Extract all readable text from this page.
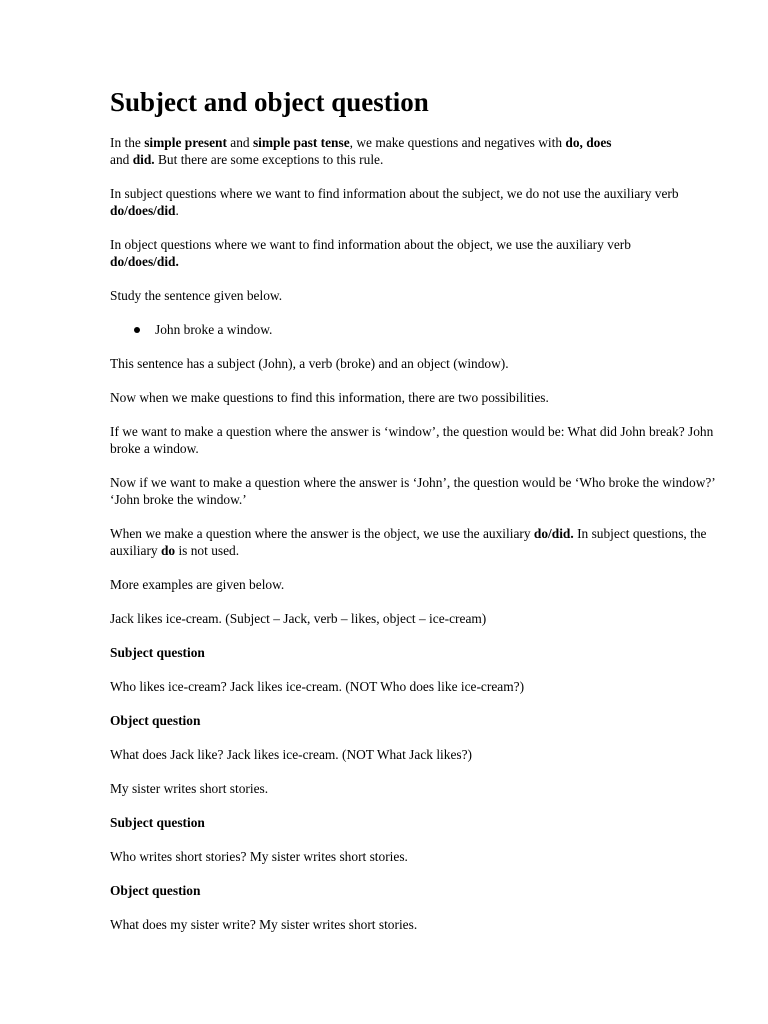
Subject and object question

In the simple present and simple past tense, we make questions and negatives with do, does
and did. But there are some exceptions to this rule.

In subject questions where we want to find information about the subject, we do not use the auxiliary verb do/does/did.

In object questions where we want to find information about the object, we use the auxiliary verb
do/does/did.

Study the sentence given below.

John broke a window.

This sentence has a subject (John), a verb (broke) and an object (window).

Now when we make questions to find this information, there are two possibilities.

If we want to make a question where the answer is ‘window’, the question would be: What did John break? John broke a window.

Now if we want to make a question where the answer is ‘John’, the question would be ‘Who broke the window?’ ‘John broke the window.’

When we make a question where the answer is the object, we use the auxiliary do/did. In subject questions, the auxiliary do is not used.

More examples are given below.

Jack likes ice-cream. (Subject – Jack, verb – likes, object – ice-cream)

Subject question

Who likes ice-cream? Jack likes ice-cream. (NOT Who does like ice-cream?)

Object question

What does Jack like? Jack likes ice-cream. (NOT What Jack likes?)

My sister writes short stories.

Subject question

Who writes short stories? My sister writes short stories.

Object question

What does my sister write? My sister writes short stories.
